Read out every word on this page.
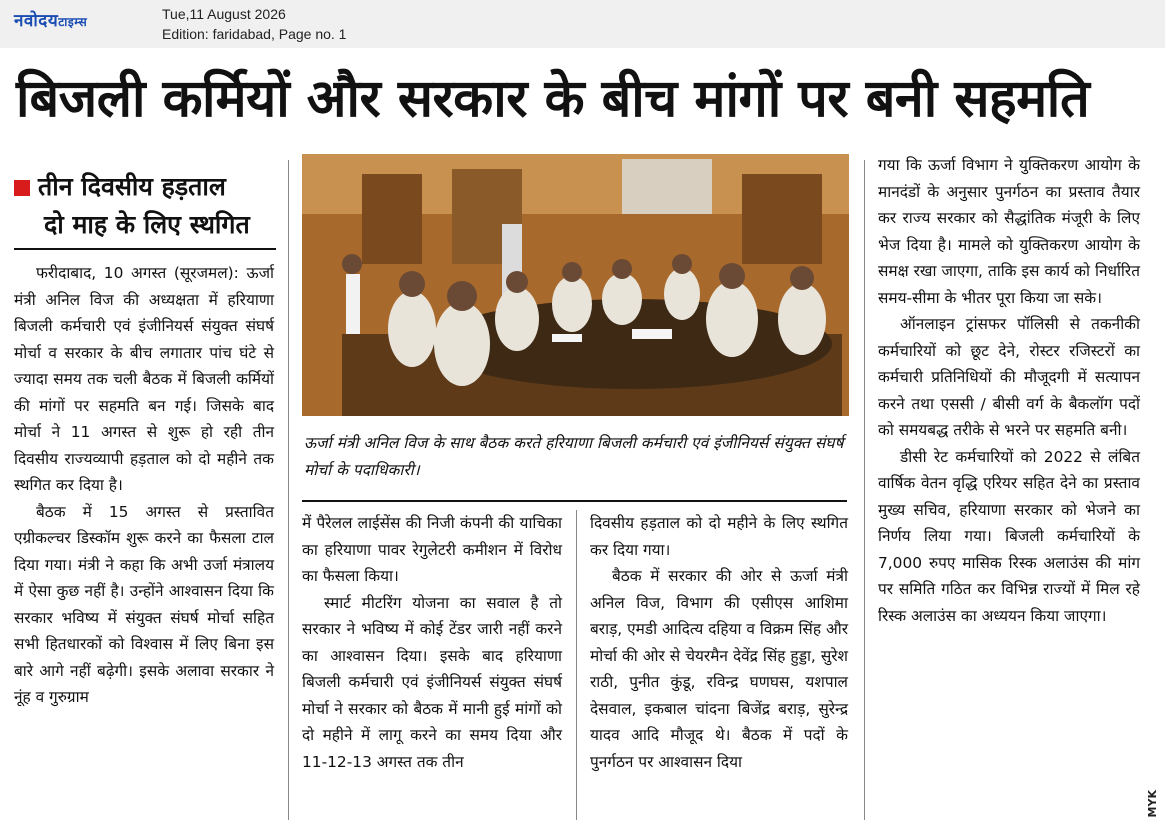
नवोदयटाइम्स	Tue,11 August 2026
Edition: faridabad, Page no. 1
बिजली कर्मियों और सरकार के बीच मांगों पर बनी सहमति
तीन दिवसीय हड़ताल
दो माह के लिए स्थगित

फरीदाबाद, 10 अगस्त (सूरजमल): ऊर्जा मंत्री अनिल विज की अध्यक्षता में हरियाणा बिजली कर्मचारी एवं इंजीनियर्स संयुक्त संघर्ष मोर्चा व सरकार के बीच लगातार पांच घंटे से ज्यादा समय तक चली बैठक में बिजली कर्मियों की मांगों पर सहमति बन गई। जिसके बाद मोर्चा ने 11 अगस्त से शुरू हो रही तीन दिवसीय राज्यव्यापी हड़ताल को दो महीने तक स्थगित कर दिया है।

बैठक में 15 अगस्त से प्रस्तावित एग्रीकल्चर डिस्कॉम शुरू करने का फैसला टाल दिया गया। मंत्री ने कहा कि अभी उर्जा मंत्रालय में ऐसा कुछ नहीं है। उन्होंने आश्वासन दिया कि सरकार भविष्य में संयुक्त संघर्ष मोर्चा सहित सभी हितधारकों को विश्वास में लिए बिना इस बारे आगे नहीं बढ़ेगी। इसके अलावा सरकार ने नूंह व गुरुग्राम

ऊर्जा मंत्री अनिल विज के साथ बैठक करते हरियाणा बिजली कर्मचारी एवं इंजीनियर्स संयुक्त संघर्ष मोर्चा के पदाधिकारी।

में पैरेलल लाईसेंस की निजी कंपनी की याचिका का हरियाणा पावर रेगुलेटरी कमीशन में विरोध का फैसला किया।

स्मार्ट मीटरिंग योजना का सवाल है तो सरकार ने भविष्य में कोई टेंडर जारी नहीं करने का आश्वासन दिया। इसके बाद हरियाणा बिजली कर्मचारी एवं इंजीनियर्स संयुक्त संघर्ष मोर्चा ने सरकार को बैठक में मानी हुई मांगों को दो महीने में लागू करने का समय दिया और 11-12-13 अगस्त तक तीन

दिवसीय हड़ताल को दो महीने के लिए स्थगित कर दिया गया।

बैठक में सरकार की ओर से ऊर्जा मंत्री अनिल विज, विभाग की एसीएस आशिमा बराड़, एमडी आदित्य दहिया व विक्रम सिंह और मोर्चा की ओर से चेयरमैन देवेंद्र सिंह हुड्डा, सुरेश राठी, पुनीत कुंडू, रविन्द्र घणघस, यशपाल देसवाल, इकबाल चांदना बिजेंद्र बराड़, सुरेन्द्र यादव आदि मौजूद थे। बैठक में पदों के पुनर्गठन पर आश्वासन दिया

गया कि ऊर्जा विभाग ने युक्तिकरण आयोग के मानदंडों के अनुसार पुनर्गठन का प्रस्ताव तैयार कर राज्य सरकार को सैद्धांतिक मंजूरी के लिए भेज दिया है। मामले को युक्तिकरण आयोग के समक्ष रखा जाएगा, ताकि इस कार्य को निर्धारित समय-सीमा के भीतर पूरा किया जा सके।

ऑनलाइन ट्रांसफर पॉलिसी से तकनीकी कर्मचारियों को छूट देने, रोस्टर रजिस्टरों का कर्मचारी प्रतिनिधियों की मौजूदगी में सत्यापन करने तथा एससी / बीसी वर्ग के बैकलॉग पदों को समयबद्ध तरीके से भरने पर सहमति बनी।

डीसी रेट कर्मचारियों को 2022 से लंबित वार्षिक वेतन वृद्धि एरियर सहित देने का प्रस्ताव मुख्य सचिव, हरियाणा सरकार को भेजने का निर्णय लिया गया। बिजली कर्मचारियों के 7,000 रुपए मासिक रिस्क अलाउंस की मांग पर समिति गठित कर विभिन्न राज्यों में मिल रहे रिस्क अलाउंस का अध्ययन किया जाएगा।

MYK
